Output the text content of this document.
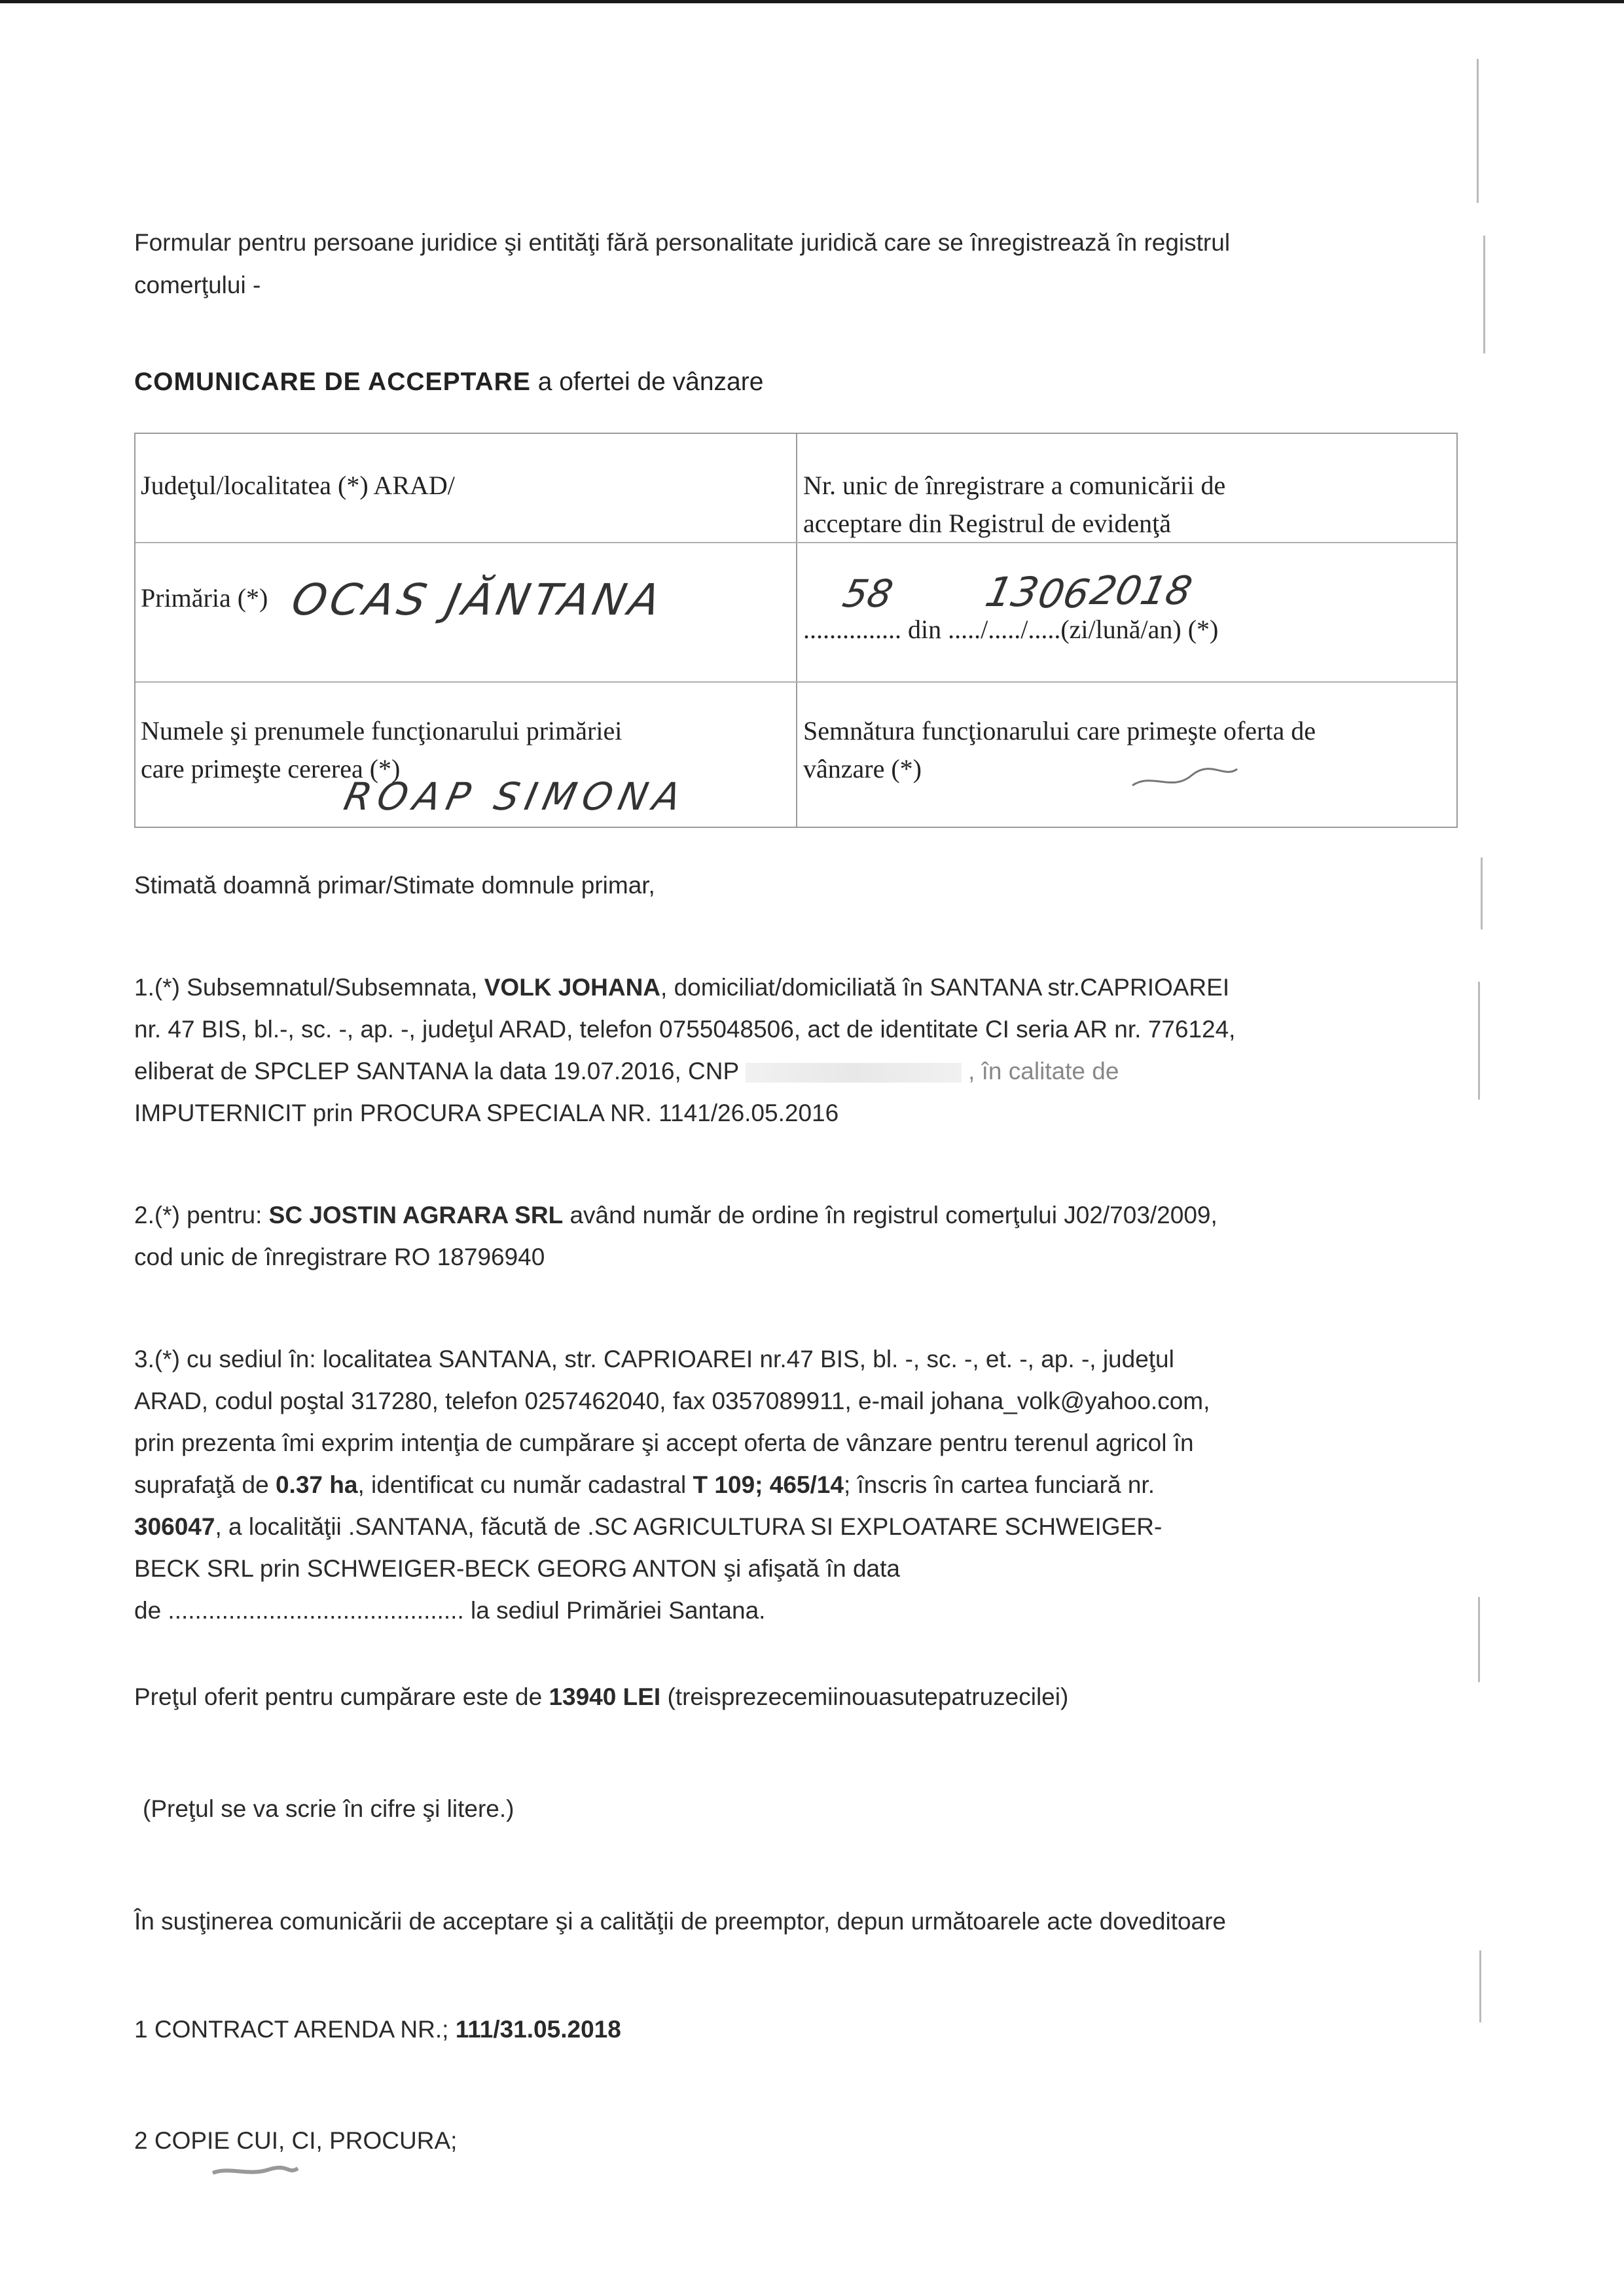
Formular pentru persoane juridice şi entităţi fără personalitate juridică care se înregistrează în registrul
comerţului -
COMUNICARE DE ACCEPTARE a ofertei de vânzare
Judeţul/localitatea (*) ARAD/	Nr. unic de înregistrare a comunicării de
acceptare din Registrul de evidenţă
Primăria (*) OCAS JĂNTANA
............... din ...../...../.....(zi/lună/an) (*)
58 13
06
2018
Numele şi prenumele funcţionarului primăriei
care primeşte cererea (*)
ROAP SIMONA
Semnătura funcţionarului care primeşte oferta de
vânzare (*)
Stimată doamnă primar/Stimate domnule primar,
1.(*) Subsemnatul/Subsemnata, VOLK JOHANA, domiciliat/domiciliată în SANTANA str.CAPRIOAREI
nr. 47 BIS, bl.-, sc. -, ap. -, judeţul ARAD, telefon 0755048506, act de identitate CI seria AR nr. 776124,
eliberat de SPCLEP SANTANA la data 19.07.2016, CNP	, în calitate de
IMPUTERNICIT prin PROCURA SPECIALA NR. 1141/26.05.2016
2.(*) pentru: SC JOSTIN AGRARA SRL având număr de ordine în registrul comerţului J02/703/2009,
cod unic de înregistrare RO 18796940
3.(*) cu sediul în: localitatea SANTANA, str. CAPRIOAREI nr.47 BIS, bl. -, sc. -, et. -, ap. -, judeţul
ARAD, codul poştal 317280, telefon 0257462040, fax 0357089911, e-mail johana_volk@yahoo.com,
prin prezenta îmi exprim intenţia de cumpărare şi accept oferta de vânzare pentru terenul agricol în
suprafaţă de 0.37 ha, identificat cu număr cadastral T 109; 465/14; înscris în cartea funciară nr.
306047, a localităţii .SANTANA, făcută de .SC AGRICULTURA SI EXPLOATARE SCHWEIGER-
BECK SRL prin SCHWEIGER-BECK GEORG ANTON şi afişată în data
de ............................................ la sediul Primăriei Santana.
Preţul oferit pentru cumpărare este de 13940 LEI (treisprezecemiinouasutepatruzecilei)
(Preţul se va scrie în cifre şi litere.)
În susţinerea comunicării de acceptare şi a calităţii de preemptor, depun următoarele acte doveditoare
1 CONTRACT ARENDA NR.; 111/31.05.2018
2 COPIE CUI, CI, PROCURA;
